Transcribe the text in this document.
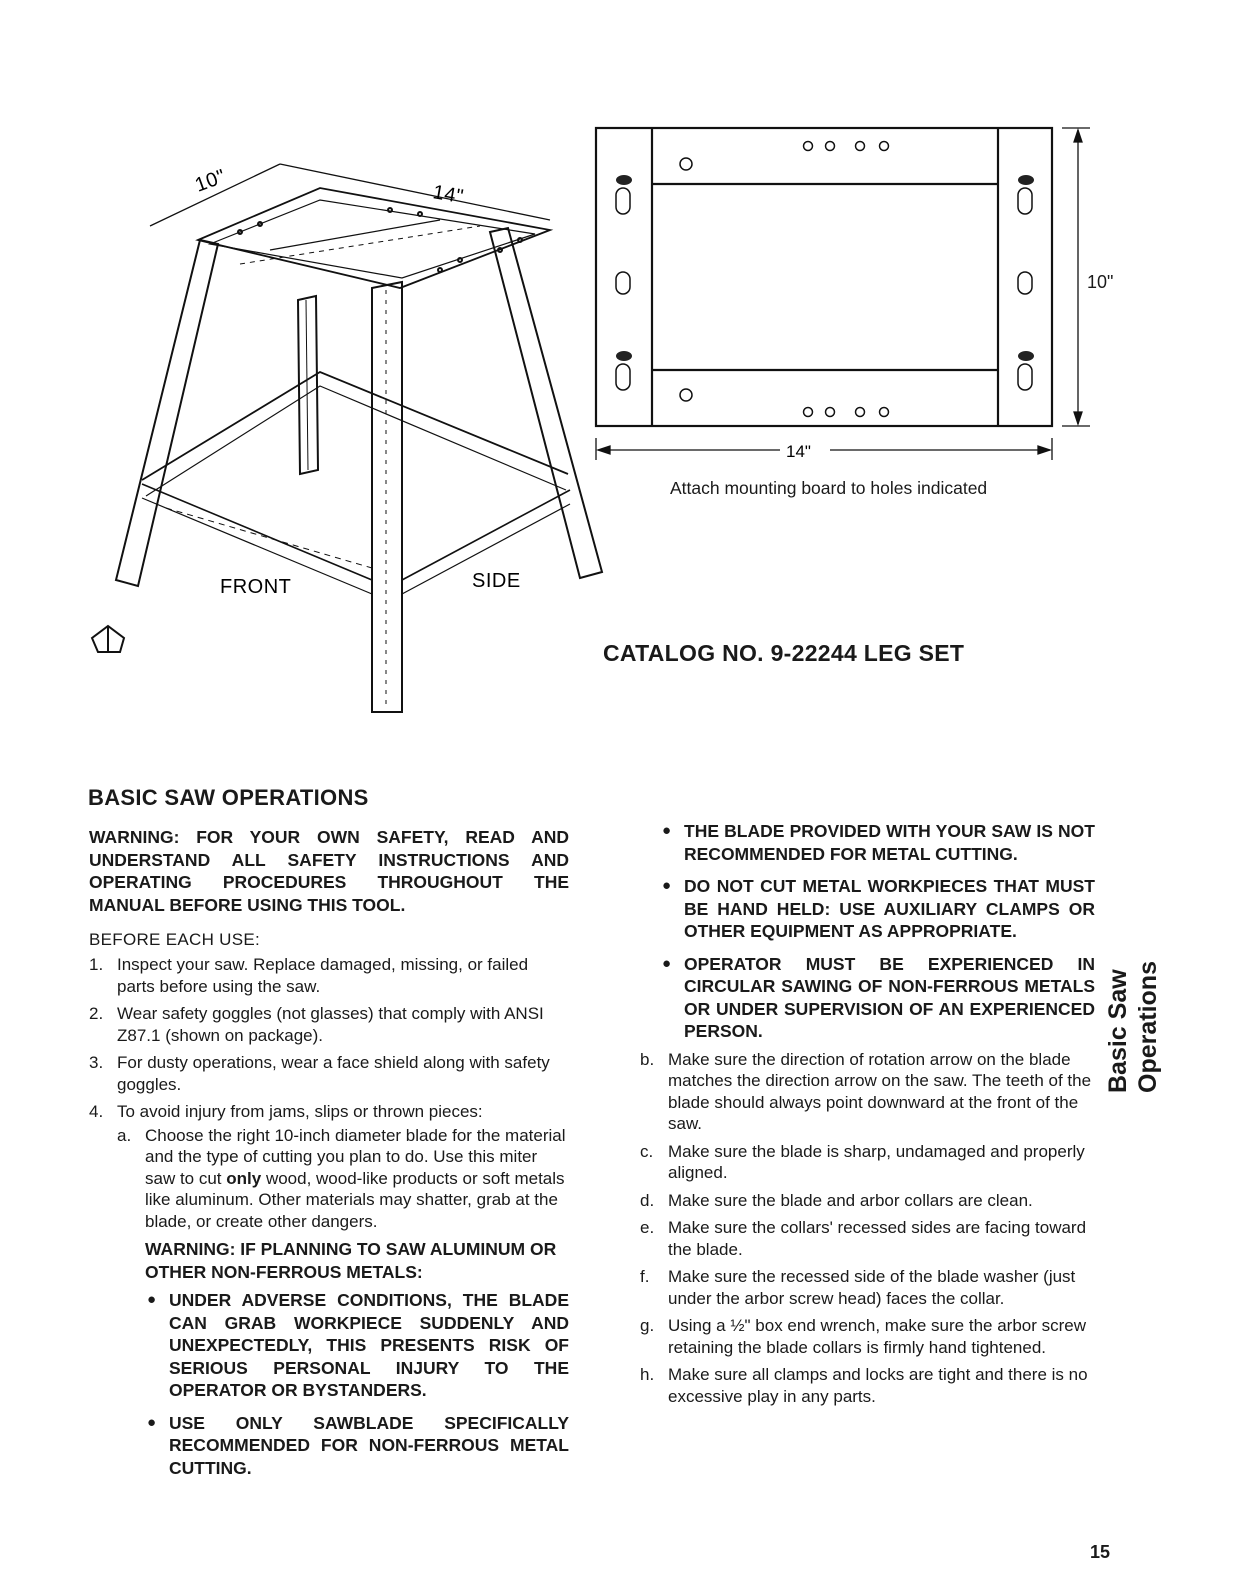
10"	14"
FRONT	SIDE
14"
10"
Attach mounting board to holes indicated
CATALOG NO. 9-22244 LEG SET
BASIC SAW OPERATIONS

WARNING: FOR YOUR OWN SAFETY, READ AND UNDERSTAND ALL SAFETY INSTRUCTIONS AND OPERATING PROCEDURES THROUGHOUT THE MANUAL BEFORE USING THIS TOOL.

BEFORE EACH USE:
1. Inspect your saw. Replace damaged, missing, or failed parts before using the saw.
2. Wear safety goggles (not glasses) that comply with ANSI Z87.1 (shown on package).
3. For dusty operations, wear a face shield along with safety goggles.
4. To avoid injury from jams, slips or thrown pieces:
a. Choose the right 10-inch diameter blade for the material and the type of cutting you plan to do. Use this miter saw to cut only wood, wood-like products or soft metals like aluminum. Other materials may shatter, grab at the blade, or create other dangers.
WARNING: IF PLANNING TO SAW ALUMINUM OR OTHER NON-FERROUS METALS:
● UNDER ADVERSE CONDITIONS, THE BLADE CAN GRAB WORKPIECE SUDDENLY AND UNEXPECTEDLY, THIS PRESENTS RISK OF SERIOUS PERSONAL INJURY TO THE OPERATOR OR BYSTANDERS.
● USE ONLY SAWBLADE SPECIFICALLY RECOMMENDED FOR NON-FERROUS METAL CUTTING.
● THE BLADE PROVIDED WITH YOUR SAW IS NOT RECOMMENDED FOR METAL CUTTING.
● DO NOT CUT METAL WORKPIECES THAT MUST BE HAND HELD: USE AUXILIARY CLAMPS OR OTHER EQUIPMENT AS APPROPRIATE.
● OPERATOR MUST BE EXPERIENCED IN CIRCULAR SAWING OF NON-FERROUS METALS OR UNDER SUPERVISION OF AN EXPERIENCED PERSON.
b. Make sure the direction of rotation arrow on the blade matches the direction arrow on the saw. The teeth of the blade should always point downward at the front of the saw.
c. Make sure the blade is sharp, undamaged and properly aligned.
d. Make sure the blade and arbor collars are clean.
e. Make sure the collars' recessed sides are facing toward the blade.
f. Make sure the recessed side of the blade washer (just under the arbor screw head) faces the collar.
g. Using a ½" box end wrench, make sure the arbor screw retaining the blade collars is firmly hand tightened.
h. Make sure all clamps and locks are tight and there is no excessive play in any parts.
Basic Saw Operations
15
